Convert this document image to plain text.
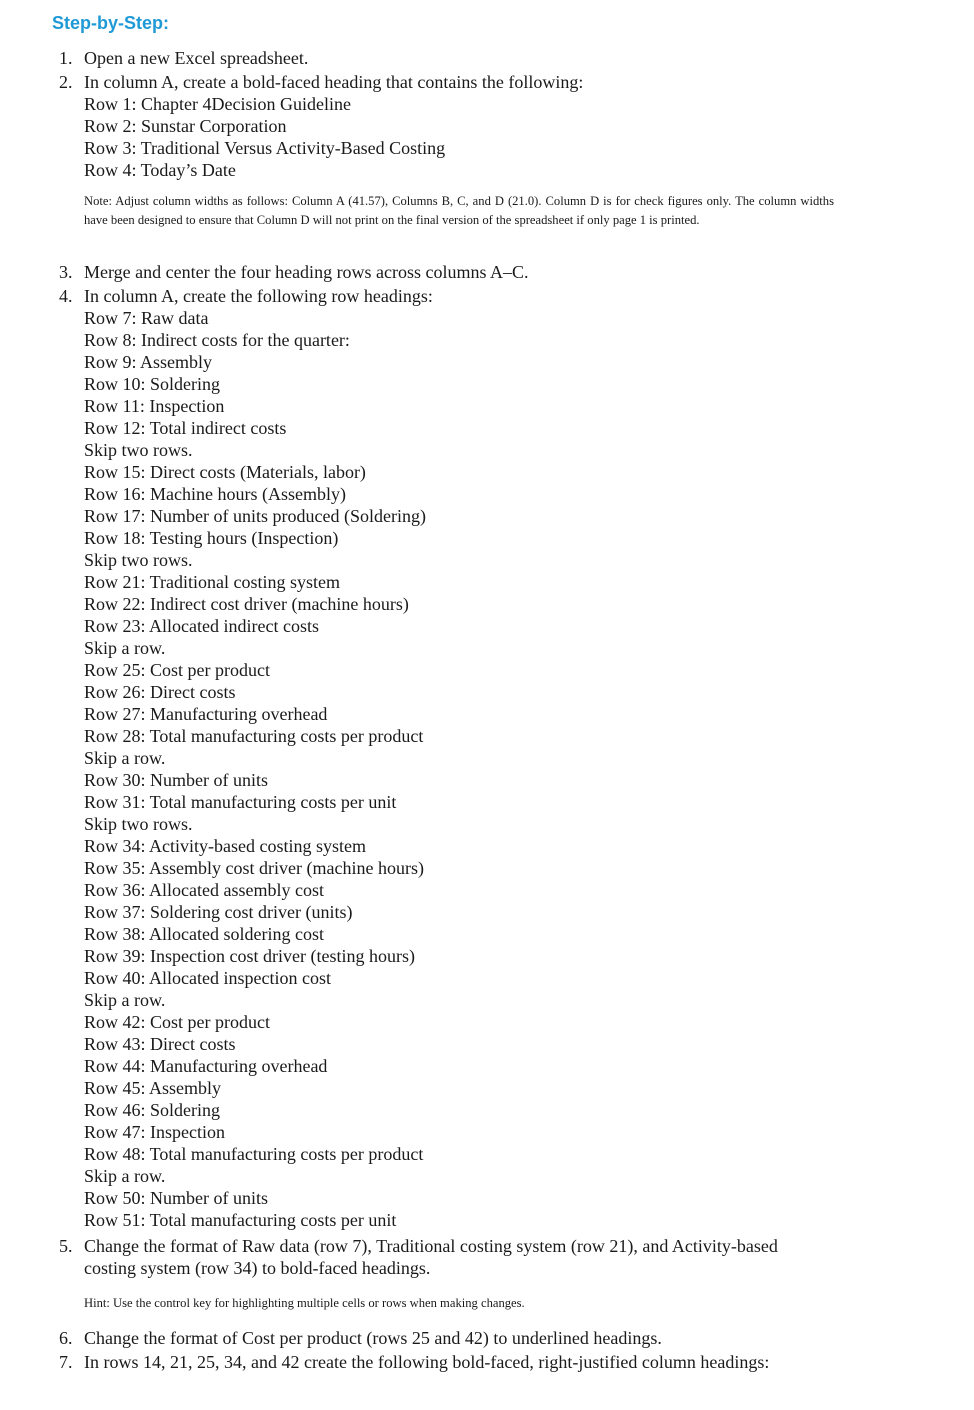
Step-by-Step:
1. Open a new Excel spreadsheet.
2. In column A, create a bold-faced heading that contains the following:
Row 1: Chapter 4Decision Guideline
Row 2: Sunstar Corporation
Row 3: Traditional Versus Activity-Based Costing
Row 4: Today’s Date
Note: Adjust column widths as follows: Column A (41.57), Columns B, C, and D (21.0). Column D is for check figures only. The column widths have been designed to ensure that Column D will not print on the final version of the spreadsheet if only page 1 is printed.
3. Merge and center the four heading rows across columns A–C.
4. In column A, create the following row headings:
Row 7: Raw data
Row 8: Indirect costs for the quarter:
Row 9: Assembly
Row 10: Soldering
Row 11: Inspection
Row 12: Total indirect costs
Skip two rows.
Row 15: Direct costs (Materials, labor)
Row 16: Machine hours (Assembly)
Row 17: Number of units produced (Soldering)
Row 18: Testing hours (Inspection)
Skip two rows.
Row 21: Traditional costing system
Row 22: Indirect cost driver (machine hours)
Row 23: Allocated indirect costs
Skip a row.
Row 25: Cost per product
Row 26: Direct costs
Row 27: Manufacturing overhead
Row 28: Total manufacturing costs per product
Skip a row.
Row 30: Number of units
Row 31: Total manufacturing costs per unit
Skip two rows.
Row 34: Activity-based costing system
Row 35: Assembly cost driver (machine hours)
Row 36: Allocated assembly cost
Row 37: Soldering cost driver (units)
Row 38: Allocated soldering cost
Row 39: Inspection cost driver (testing hours)
Row 40: Allocated inspection cost
Skip a row.
Row 42: Cost per product
Row 43: Direct costs
Row 44: Manufacturing overhead
Row 45: Assembly
Row 46: Soldering
Row 47: Inspection
Row 48: Total manufacturing costs per product
Skip a row.
Row 50: Number of units
Row 51: Total manufacturing costs per unit
5. Change the format of Raw data (row 7), Traditional costing system (row 21), and Activity-based
costing system (row 34) to bold-faced headings.
Hint: Use the control key for highlighting multiple cells or rows when making changes.
6. Change the format of Cost per product (rows 25 and 42) to underlined headings.
7. In rows 14, 21, 25, 34, and 42 create the following bold-faced, right-justified column headings:
